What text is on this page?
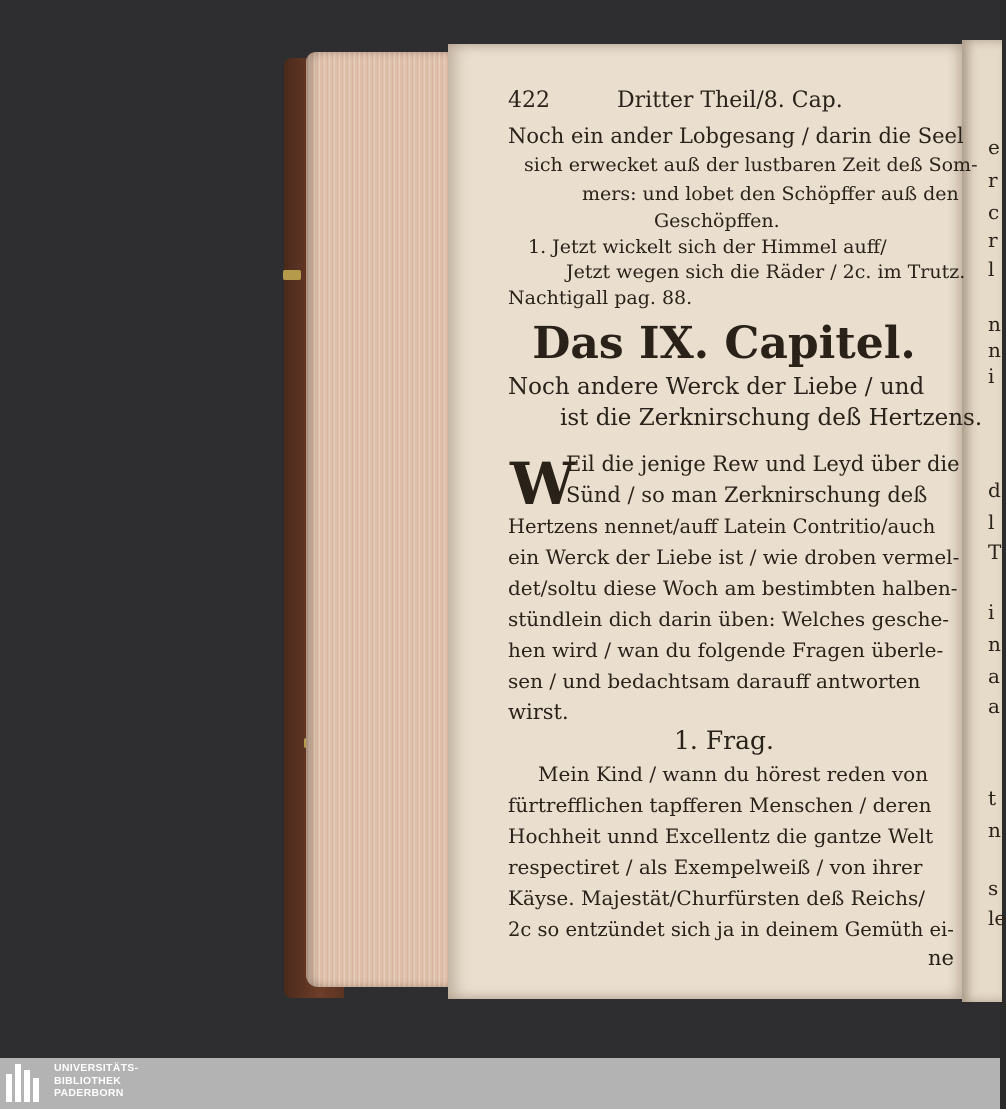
422	Dritter Theil/8. Cap.
Noch ein ander Lobgesang / darin die Seel
sich erwecket auß der lustbaren Zeit deß Som-
mers: und lobet den Schöpffer auß den
Geschöpffen.
1. Jetzt wickelt sich der Himmel auff/
Jetzt wegen sich die Räder / 2c. im Trutz.
Nachtigall pag. 88.
Das IX. Capitel.
Noch andere Werck der Liebe / und
ist die Zerknirschung deß Hertzens.
W
Eil die jenige Rew und Leyd über die
Sünd / so man Zerknirschung deß
Hertzens nennet/auff Latein Contritio/auch
ein Werck der Liebe ist / wie droben vermel-
det/soltu diese Woch am bestimbten halben-
stündlein dich darin üben: Welches gesche-
hen wird / wan du folgende Fragen überle-
sen / und bedachtsam darauff antworten
wirst.
1. Frag.
Mein Kind / wann du hörest reden von
fürtrefflichen tapfferen Menschen / deren
Hochheit unnd Excellentz die gantze Welt
respectiret / als Exempelweiß / von ihrer
Käyse. Majestät/Churfürsten deß Reichs/
2c so entzündet sich ja in deinem Gemüth ei-
ne
e
r
c
r
l
n
n
i
d
l
T
i
n
a
a
t
n
s
le
UNIVERSITÄTS-
BIBLIOTHEK
PADERBORN
